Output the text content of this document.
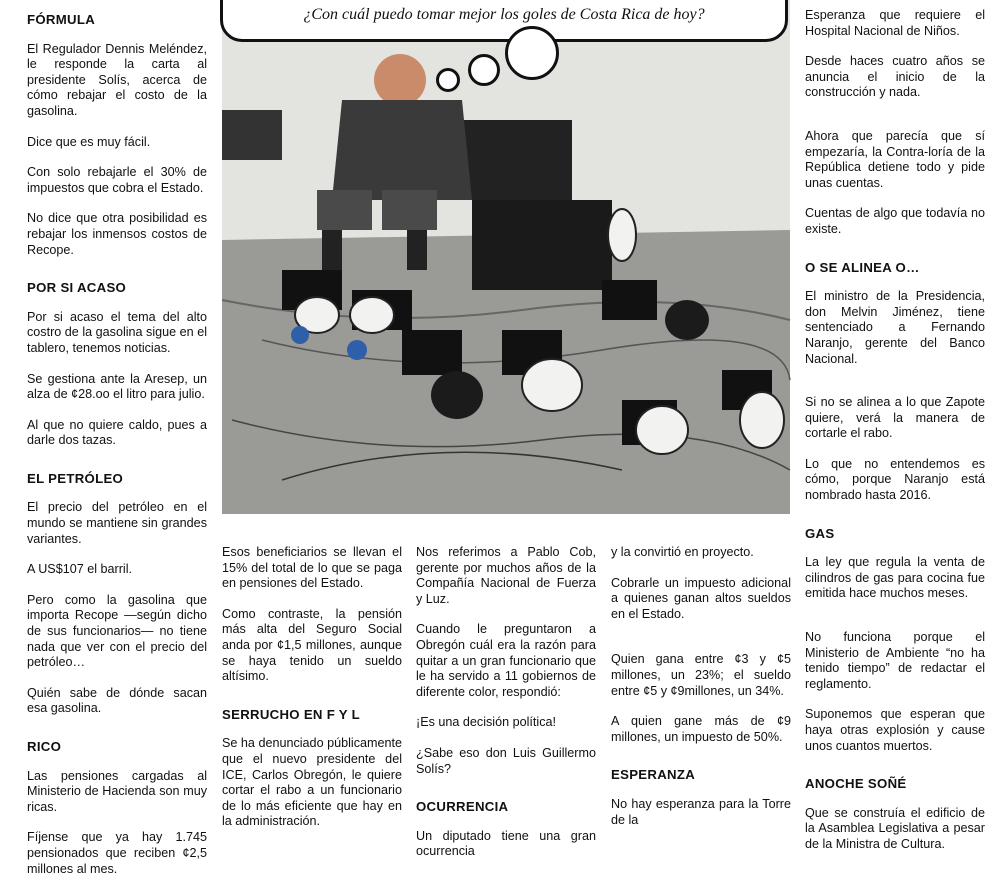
FÓRMULA

El Regulador Dennis Meléndez, le responde la carta al presidente Solís, acerca de cómo rebajar el costo de la gasolina.

Dice que es muy fácil.

Con solo rebajarle el 30% de impuestos que cobra el Estado.

No dice que otra posibilidad es rebajar los inmensos costos de Recope.

POR SI ACASO

Por si acaso el tema del alto costro de la gasolina sigue en el tablero, tenemos noticias.

Se gestiona ante la Aresep, un alza de ¢28.oo el litro para julio.

Al que no quiere caldo, pues a darle dos tazas.

EL PETRÓLEO

El precio del petróleo en el mundo se mantiene sin grandes variantes.

A US$107 el barril.

Pero como la gasolina que importa Recope —según dicho de sus funcionarios— no tiene nada que ver con el precio del petróleo…

Quién sabe de dónde sacan esa gasolina.

RICO

Las pensiones cargadas al Ministerio de Hacienda son muy ricas.

Fíjense que ya hay 1.745 pensionados que reciben ¢2,5 millones al mes.

¿Con cuál puedo tomar mejor los goles de Costa Rica de hoy?

Esos beneficiarios se llevan el 15% del total de lo que se paga en pensiones del Estado.

Como contraste, la pensión más alta del Seguro Social anda por ¢1,5 millones, aunque se haya tenido un sueldo altísimo.

SERRUCHO EN F Y L

Se ha denunciado públicamente que el nuevo presidente del ICE, Carlos Obregón, le quiere cortar el rabo a un funcionario de lo más eficiente que hay en la administración.

Nos referimos a Pablo Cob, gerente por muchos años de la Compañía Nacional de Fuerza y Luz.

Cuando le preguntaron a Obregón cuál era la razón para quitar a un gran funcionario que le ha servido a 11 gobiernos de diferente color, respondió:

¡Es una decisión política!

¿Sabe eso don Luis Guillermo Solís?

OCURRENCIA

Un diputado tiene una gran ocurrencia

y la convirtió en proyecto.

Cobrarle un impuesto adicional a quienes ganan altos sueldos en el Estado.

Quien gana entre ¢3 y ¢5 millones, un 23%; el sueldo entre ¢5 y ¢9millones, un 34%.

A quien gane más de ¢9 millones, un impuesto de 50%.

ESPERANZA

No hay esperanza para la Torre de la

Esperanza que requiere el Hospital Nacional de Niños.

Desde haces cuatro años se anuncia el inicio de la construcción y nada.

Ahora que parecía que sí empezaría, la Contra-loría de la República detiene todo y pide unas cuentas.

Cuentas de algo que todavía no existe.

O SE ALINEA O…

El ministro de la Presidencia, don Melvin Jiménez, tiene sentenciado a Fernando Naranjo, gerente del Banco Nacional.

Si no se alinea a lo que Zapote quiere, verá la manera de cortarle el rabo.

Lo que no entendemos es cómo, porque Naranjo está nombrado hasta 2016.

GAS

La ley que regula la venta de cilindros de gas para cocina fue emitida hace muchos meses.

No funciona porque el Ministerio de Ambiente “no ha tenido tiempo” de redactar el reglamento.

Suponemos que esperan que haya otras explosión y cause unos cuantos muertos.

ANOCHE SOÑÉ

Que se construía el edificio de la Asamblea Legislativa a pesar de la Ministra de Cultura.
